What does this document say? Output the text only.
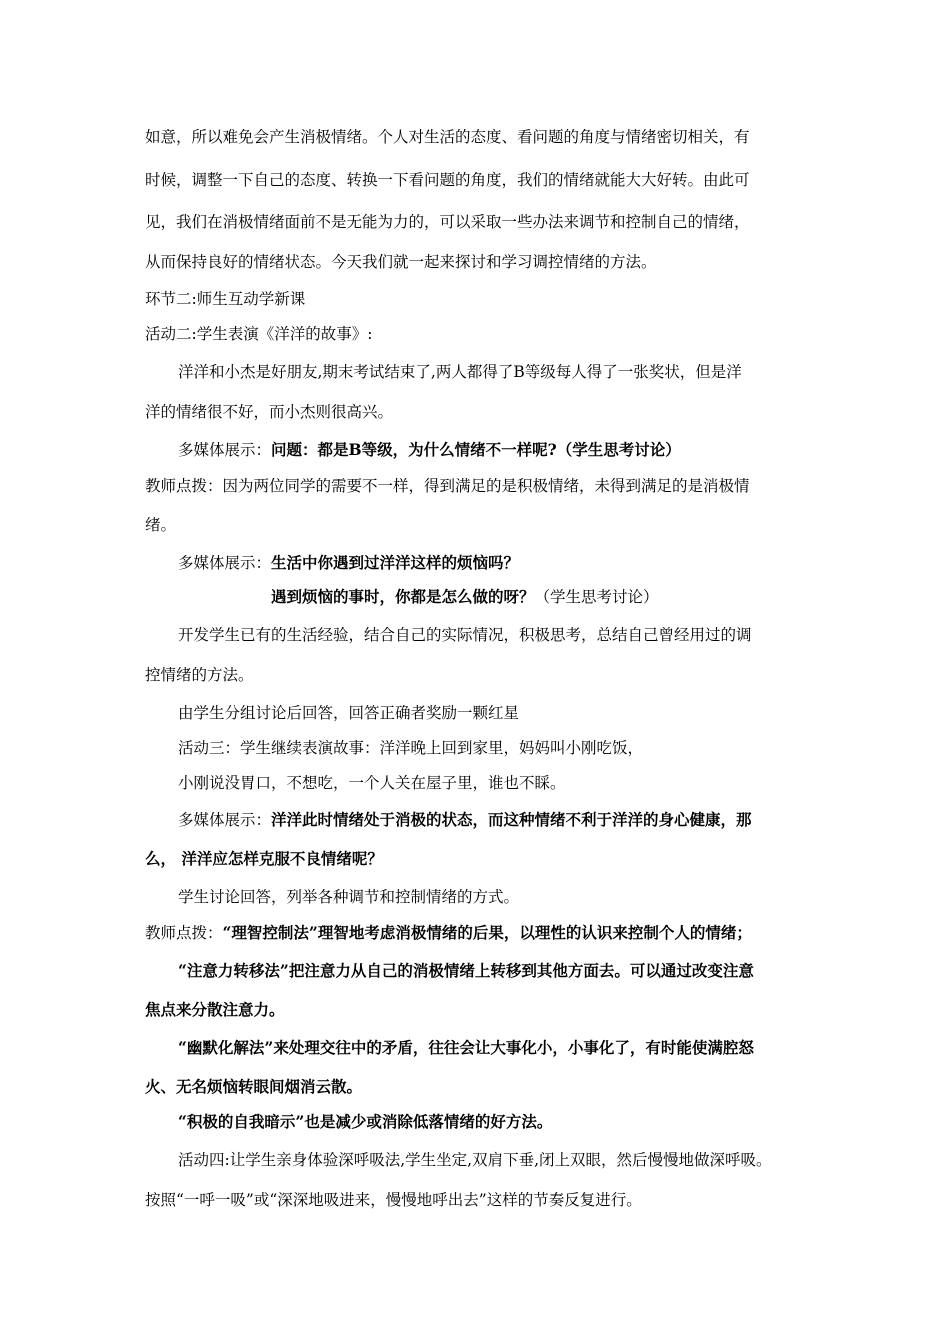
如意，所以难免会产生消极情绪。个人对生活的态度、看问题的角度与情绪密切相关，有
时候，调整一下自己的态度、转换一下看问题的角度，我们的情绪就能大大好转。由此可
见，我们在消极情绪面前不是无能为力的，可以采取一些办法来调节和控制自己的情绪，
从而保持良好的情绪状态。今天我们就一起来探讨和学习调控情绪的方法。
环节二:师生互动学新课
活动二:学生表演《洋洋的故事》:
洋洋和小杰是好朋友,期末考试结束了,两人都得了B等级每人得了一张奖状，但是洋
洋的情绪很不好，而小杰则很高兴。
多媒体展示：问题：都是B等级，为什么情绪不一样呢?（学生思考讨论）
教师点拨：因为两位同学的需要不一样，得到满足的是积极情绪，未得到满足的是消极情
绪。
多媒体展示：生活中你遇到过洋洋这样的烦恼吗？
遇到烦恼的事时，你都是怎么做的呀？（学生思考讨论）
开发学生已有的生活经验，结合自己的实际情况，积极思考，总结自己曾经用过的调
控情绪的方法。
由学生分组讨论后回答，回答正确者奖励一颗红星
活动三：学生继续表演故事：洋洋晚上回到家里，妈妈叫小刚吃饭，
小刚说没胃口，不想吃，一个人关在屋子里，谁也不睬。
多媒体展示：洋洋此时情绪处于消极的状态，而这种情绪不利于洋洋的身心健康，那
么， 洋洋应怎样克服不良情绪呢？
学生讨论回答，列举各种调节和控制情绪的方式。
教师点拨：“理智控制法”理智地考虑消极情绪的后果，以理性的认识来控制个人的情绪；
“注意力转移法”把注意力从自己的消极情绪上转移到其他方面去。可以通过改变注意
焦点来分散注意力。
“幽默化解法”来处理交往中的矛盾，往往会让大事化小，小事化了，有时能使满腔怒
火、无名烦恼转眼间烟消云散。
“积极的自我暗示”也是减少或消除低落情绪的好方法。
活动四:让学生亲身体验深呼吸法,学生坐定,双肩下垂,闭上双眼，然后慢慢地做深呼吸。
按照“一呼一吸”或“深深地吸进来，慢慢地呼出去”这样的节奏反复进行。
